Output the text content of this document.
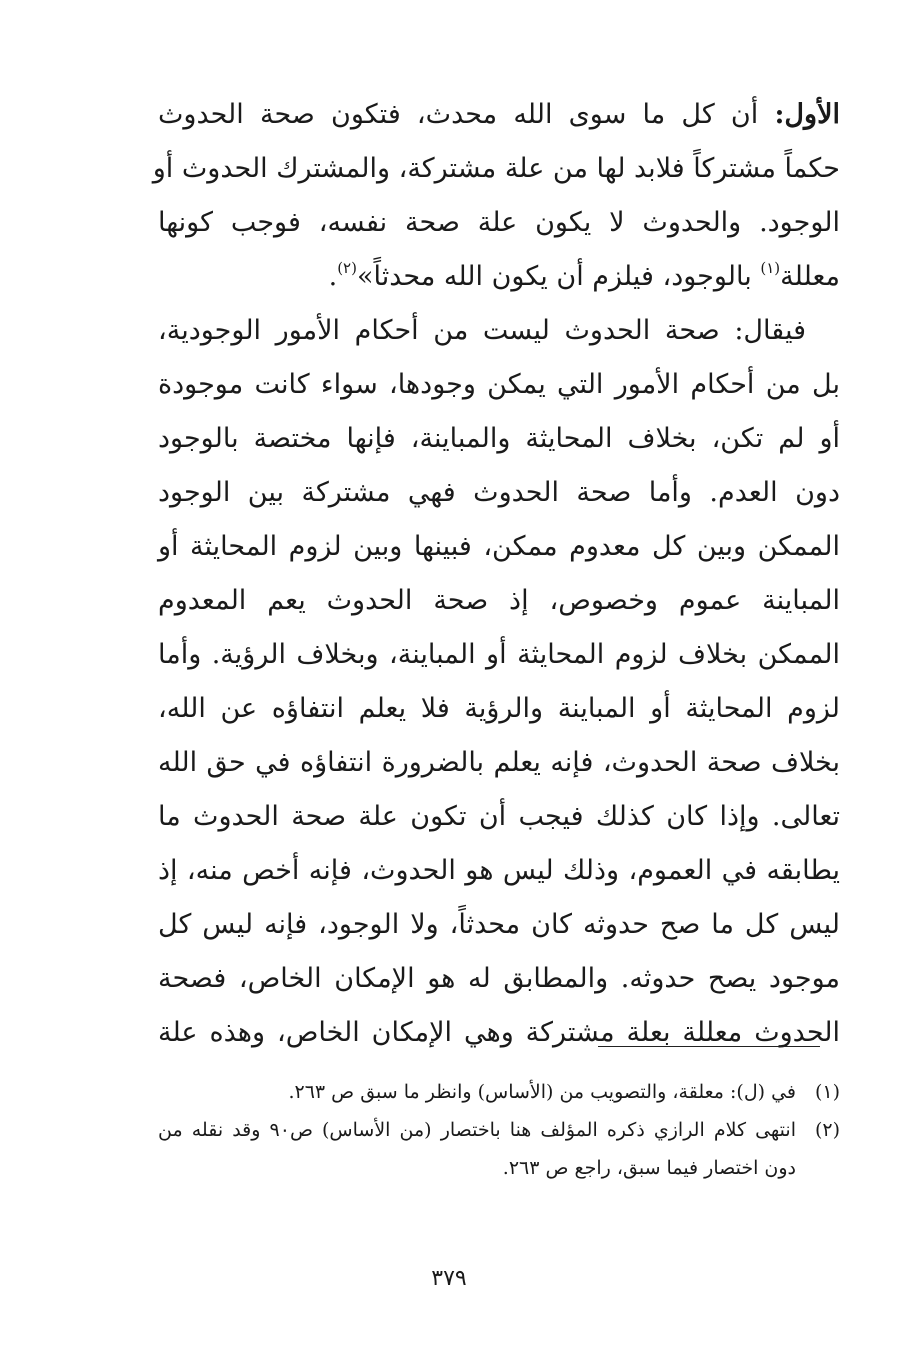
الأول: أن كل ما سوى الله محدث، فتكون صحة الحدوث
حكماً مشتركاً فلابد لها من علة مشتركة، والمشترك الحدوث أو
الوجود. والحدوث لا يكون علة صحة نفسه، فوجب كونها
معللة$^{(١)}$ بالوجود، فيلزم أن يكون الله محدثاً»$^{(٢)}$.
فيقال: صحة الحدوث ليست من أحكام الأمور الوجودية،
بل من أحكام الأمور التي يمكن وجودها، سواء كانت موجودة
أو لم تكن، بخلاف المحايثة والمباينة، فإنها مختصة بالوجود
دون العدم. وأما صحة الحدوث فهي مشتركة بين الوجود
الممكن وبين كل معدوم ممكن، فبينها وبين لزوم المحايثة أو
المباينة عموم وخصوص، إذ صحة الحدوث يعم المعدوم
الممكن بخلاف لزوم المحايثة أو المباينة، وبخلاف الرؤية. وأما
لزوم المحايثة أو المباينة والرؤية فلا يعلم انتفاؤه عن الله،
بخلاف صحة الحدوث، فإنه يعلم بالضرورة انتفاؤه في حق الله
تعالى. وإذا كان كذلك فيجب أن تكون علة صحة الحدوث ما
يطابقه في العموم، وذلك ليس هو الحدوث، فإنه أخص منه، إذ
ليس كل ما صح حدوثه كان محدثاً، ولا الوجود، فإنه ليس كل
موجود يصح حدوثه. والمطابق له هو الإمكان الخاص، فصحة
الحدوث معللة بعلة مشتركة وهي الإمكان الخاص، وهذه علة
(١)
في (ل): معلقة، والتصويب من (الأساس) وانظر ما سبق ص ٢٦٣.
(٢)
انتهى كلام الرازي ذكره المؤلف هنا باختصار (من الأساس) ص٩٠ وقد نقله من
دون اختصار فيما سبق، راجع ص ٢٦٣.
٣٧٩
